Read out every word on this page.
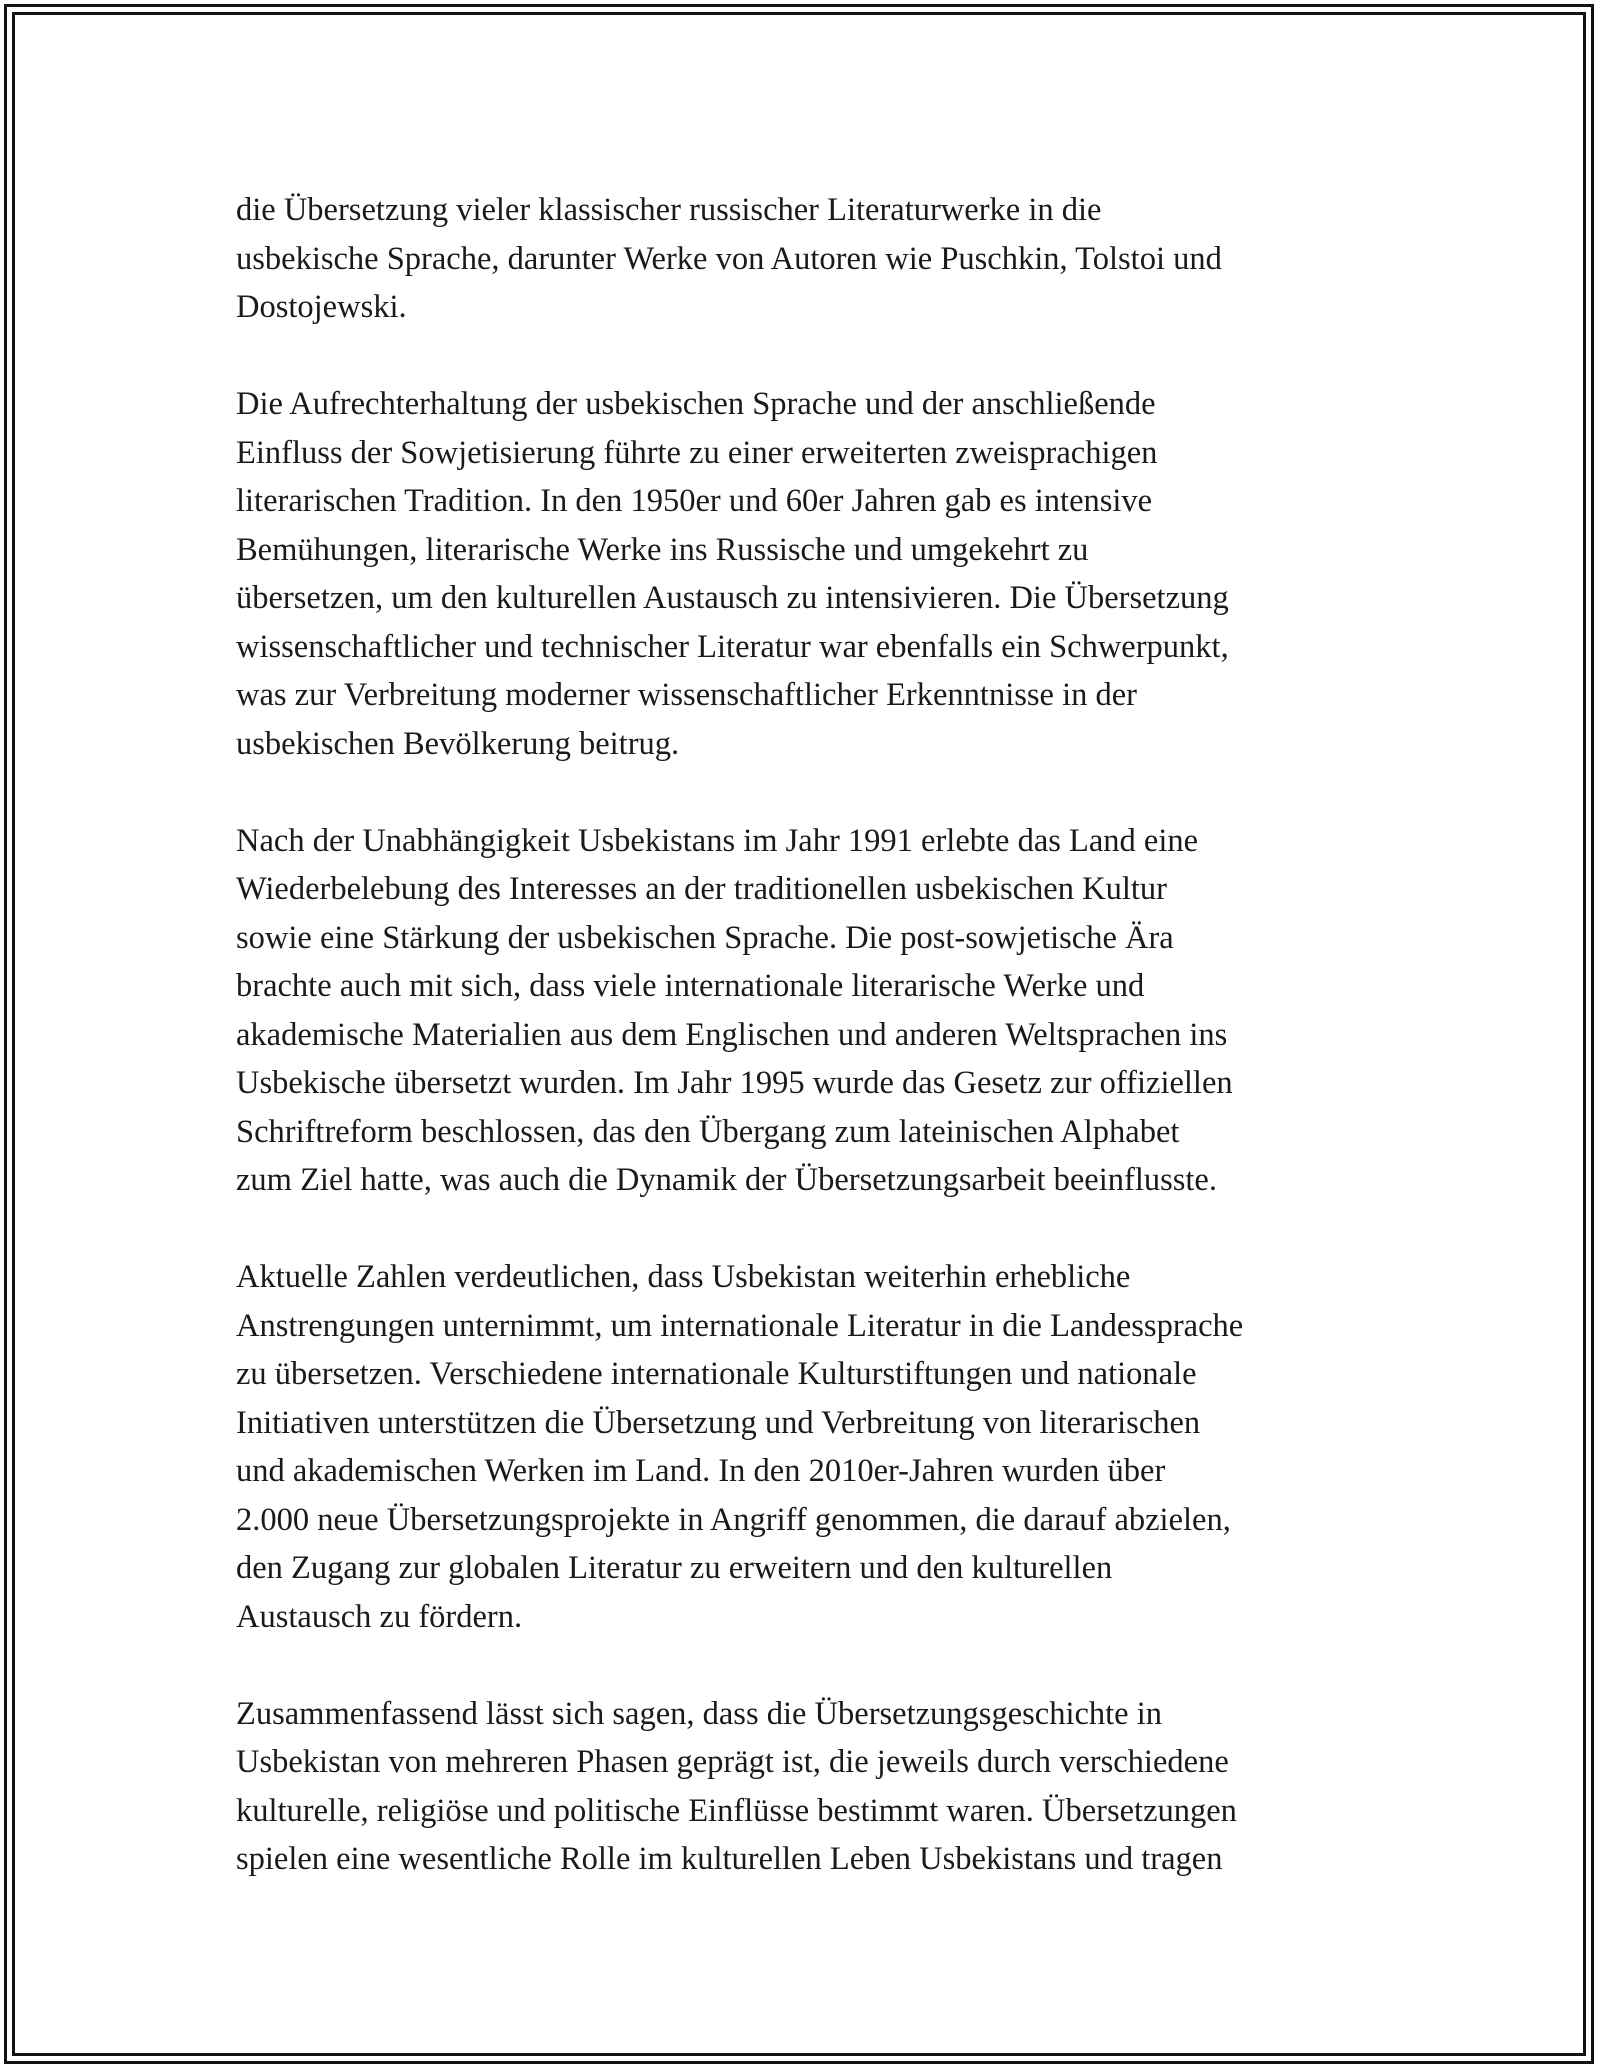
die Übersetzung vieler klassischer russischer Literaturwerke in die
usbekische Sprache, darunter Werke von Autoren wie Puschkin, Tolstoi und
Dostojewski.

Die Aufrechterhaltung der usbekischen Sprache und der anschließende
Einfluss der Sowjetisierung führte zu einer erweiterten zweisprachigen
literarischen Tradition. In den 1950er und 60er Jahren gab es intensive
Bemühungen, literarische Werke ins Russische und umgekehrt zu
übersetzen, um den kulturellen Austausch zu intensivieren. Die Übersetzung
wissenschaftlicher und technischer Literatur war ebenfalls ein Schwerpunkt,
was zur Verbreitung moderner wissenschaftlicher Erkenntnisse in der
usbekischen Bevölkerung beitrug.

Nach der Unabhängigkeit Usbekistans im Jahr 1991 erlebte das Land eine
Wiederbelebung des Interesses an der traditionellen usbekischen Kultur
sowie eine Stärkung der usbekischen Sprache. Die post-sowjetische Ära
brachte auch mit sich, dass viele internationale literarische Werke und
akademische Materialien aus dem Englischen und anderen Weltsprachen ins
Usbekische übersetzt wurden. Im Jahr 1995 wurde das Gesetz zur offiziellen
Schriftreform beschlossen, das den Übergang zum lateinischen Alphabet
zum Ziel hatte, was auch die Dynamik der Übersetzungsarbeit beeinflusste.

Aktuelle Zahlen verdeutlichen, dass Usbekistan weiterhin erhebliche
Anstrengungen unternimmt, um internationale Literatur in die Landessprache
zu übersetzen. Verschiedene internationale Kulturstiftungen und nationale
Initiativen unterstützen die Übersetzung und Verbreitung von literarischen
und akademischen Werken im Land. In den 2010er-Jahren wurden über
2.000 neue Übersetzungsprojekte in Angriff genommen, die darauf abzielen,
den Zugang zur globalen Literatur zu erweitern und den kulturellen
Austausch zu fördern.

Zusammenfassend lässt sich sagen, dass die Übersetzungsgeschichte in
Usbekistan von mehreren Phasen geprägt ist, die jeweils durch verschiedene
kulturelle, religiöse und politische Einflüsse bestimmt waren. Übersetzungen
spielen eine wesentliche Rolle im kulturellen Leben Usbekistans und tragen
